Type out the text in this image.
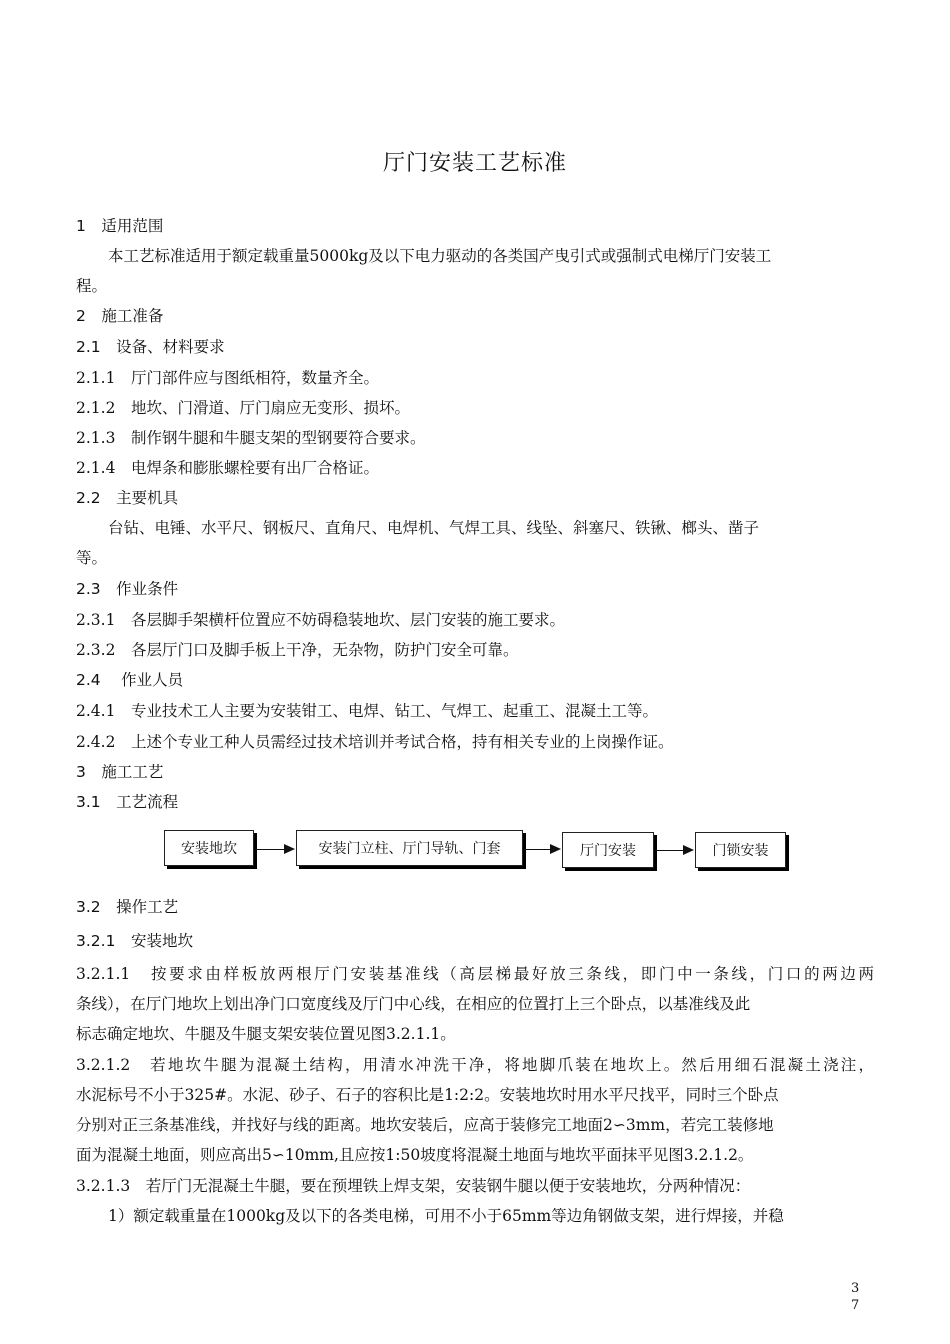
厅门安装工艺标准
1　适用范围
本工艺标准适用于额定载重量5000kg及以下电力驱动的各类国产曳引式或强制式电梯厅门安装工
程。
2　施工准备
2.1　设备、材料要求
2.1.1　厅门部件应与图纸相符，数量齐全。
2.1.2　地坎、门滑道、厅门扇应无变形、损坏。
2.1.3　制作钢牛腿和牛腿支架的型钢要符合要求。
2.1.4　电焊条和膨胀螺栓要有出厂合格证。
2.2　主要机具
台钻、电锤、水平尺、钢板尺、直角尺、电焊机、气焊工具、线坠、斜塞尺、铁锹、榔头、凿子
等。
2.3　作业条件
2.3.1　各层脚手架横杆位置应不妨碍稳装地坎、层门安装的施工要求。
2.3.2　各层厅门口及脚手板上干净，无杂物，防护门安全可靠。
2.4　 作业人员
2.4.1　专业技术工人主要为安装钳工、电焊、钻工、气焊工、起重工、混凝土工等。
2.4.2　上述个专业工种人员需经过技术培训并考试合格，持有相关专业的上岗操作证。
3　施工工艺
3.1　工艺流程
安装地坎	安装门立柱、厅门导轨、门套	厅门安装	门锁安装
3.2　操作工艺
3.2.1　安装地坎
3.2.1.1　按要求由样板放两根厅门安装基准线（高层梯最好放三条线，即门中一条线，门口的两边两
条线），在厅门地坎上划出净门口宽度线及厅门中心线，在相应的位置打上三个卧点，以基准线及此
标志确定地坎、牛腿及牛腿支架安装位置见图3.2.1.1。
3.2.1.2　若地坎牛腿为混凝土结构，用清水冲洗干净，将地脚爪装在地坎上。然后用细石混凝土浇注，
水泥标号不小于325#。水泥、砂子、石子的容积比是1:2:2。安装地坎时用水平尺找平，同时三个卧点
分别对正三条基准线，并找好与线的距离。地坎安装后，应高于装修完工地面2∽3mm，若完工装修地
面为混凝土地面，则应高出5∽10mm,且应按1:50坡度将混凝土地面与地坎平面抹平见图3.2.1.2。
3.2.1.3　若厅门无混凝土牛腿，要在预埋铁上焊支架，安装钢牛腿以便于安装地坎，分两种情况：
1）额定载重量在1000kg及以下的各类电梯，可用不小于65mm等边角钢做支架，进行焊接，并稳
3
7
